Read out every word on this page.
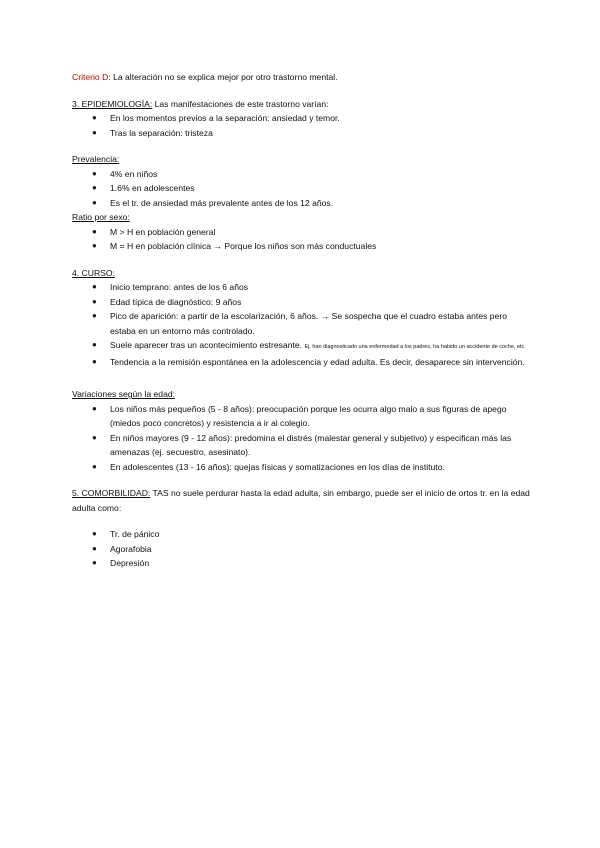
Criterio D: La alteración no se explica mejor por otro trastorno mental.

3. EPIDEMIOLOGÍA: Las manifestaciones de este trastorno varían:

● En los momentos previos a la separación: ansiedad y temor.
● Tras la separación: tristeza

Prevalencia:

● 4% en niños
● 1.6% en adolescentes
● Es el tr. de ansiedad más prevalente antes de los 12 años.

Ratio por sexo:

● M > H en población general
● M = H en población clínica → Porque los niños son más conductuales

4. CURSO:

● Inicio temprano: antes de los 6 años
● Edad típica de diagnóstico: 9 años
● Pico de aparición: a partir de la escolarización, 6 años. → Se sospecha que el cuadro estaba antes pero estaba en un entorno más controlado.
● Suele aparecer tras un acontecimiento estresante. Ej. han diagnosticado una enfermedad a los padres, ha habido un accidente de coche, etc.
● Tendencia a la remisión espontánea en la adolescencia y edad adulta. Es decir, desaparece sin intervención.

Variaciones según la edad:

● Los niños más pequeños (5 - 8 años): preocupación porque les ocurra algo malo a sus figuras de apego (miedos poco concretos) y resistencia a ir al colegio.
● En niños mayores (9 - 12 años): predomina el distrés (malestar general y subjetivo) y especifican más las amenazas (ej. secuestro, asesinato).
● En adolescentes (13 - 16 años): quejas físicas y somatizaciones en los días de instituto.

5. COMORBILIDAD: TAS no suele perdurar hasta la edad adulta, sin embargo, puede ser el inicio de ortos tr. en la edad adulta como:

● Tr. de pánico
● Agorafobia
● Depresión
